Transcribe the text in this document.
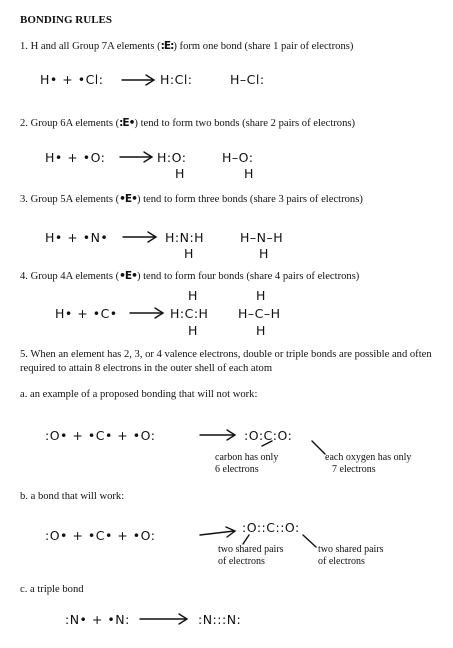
BONDING RULES
1. H and all Group 7A elements (:E:) form one bond (share 1 pair of electrons)
H• + •Cl:	H:Cl:	H–Cl:
2. Group 6A elements (:E•) tend to form two bonds (share 2 pairs of electrons)
H• + •O:	H:O:
H
H–O:
H
3. Group 5A elements (•E•) tend to form three bonds (share 3 pairs of electrons)
H• + •N•	H:N:H
H
H–N–H
H
4. Group 4A elements (•E•) tend to form four bonds (share 4 pairs of electrons)
H	H
H• + •C•	H:C:H
H
H–C–H
H
5. When an element has 2, 3, or 4 valence electrons, double or triple bonds are possible and often
required to attain 8 electrons in the outer shell of each atom
a. an example of a proposed bonding that will not work:
:O• + •C• + •O:	:O:C:O:
carbon has only
6 electrons
each oxygen has only
7 electrons
b. a bond that will work:
:O• + •C• + •O:
:O::C::O:
two shared pairs
of electrons
two shared pairs
of electrons
c. a triple bond
:N• + •N:	:N:::N:
